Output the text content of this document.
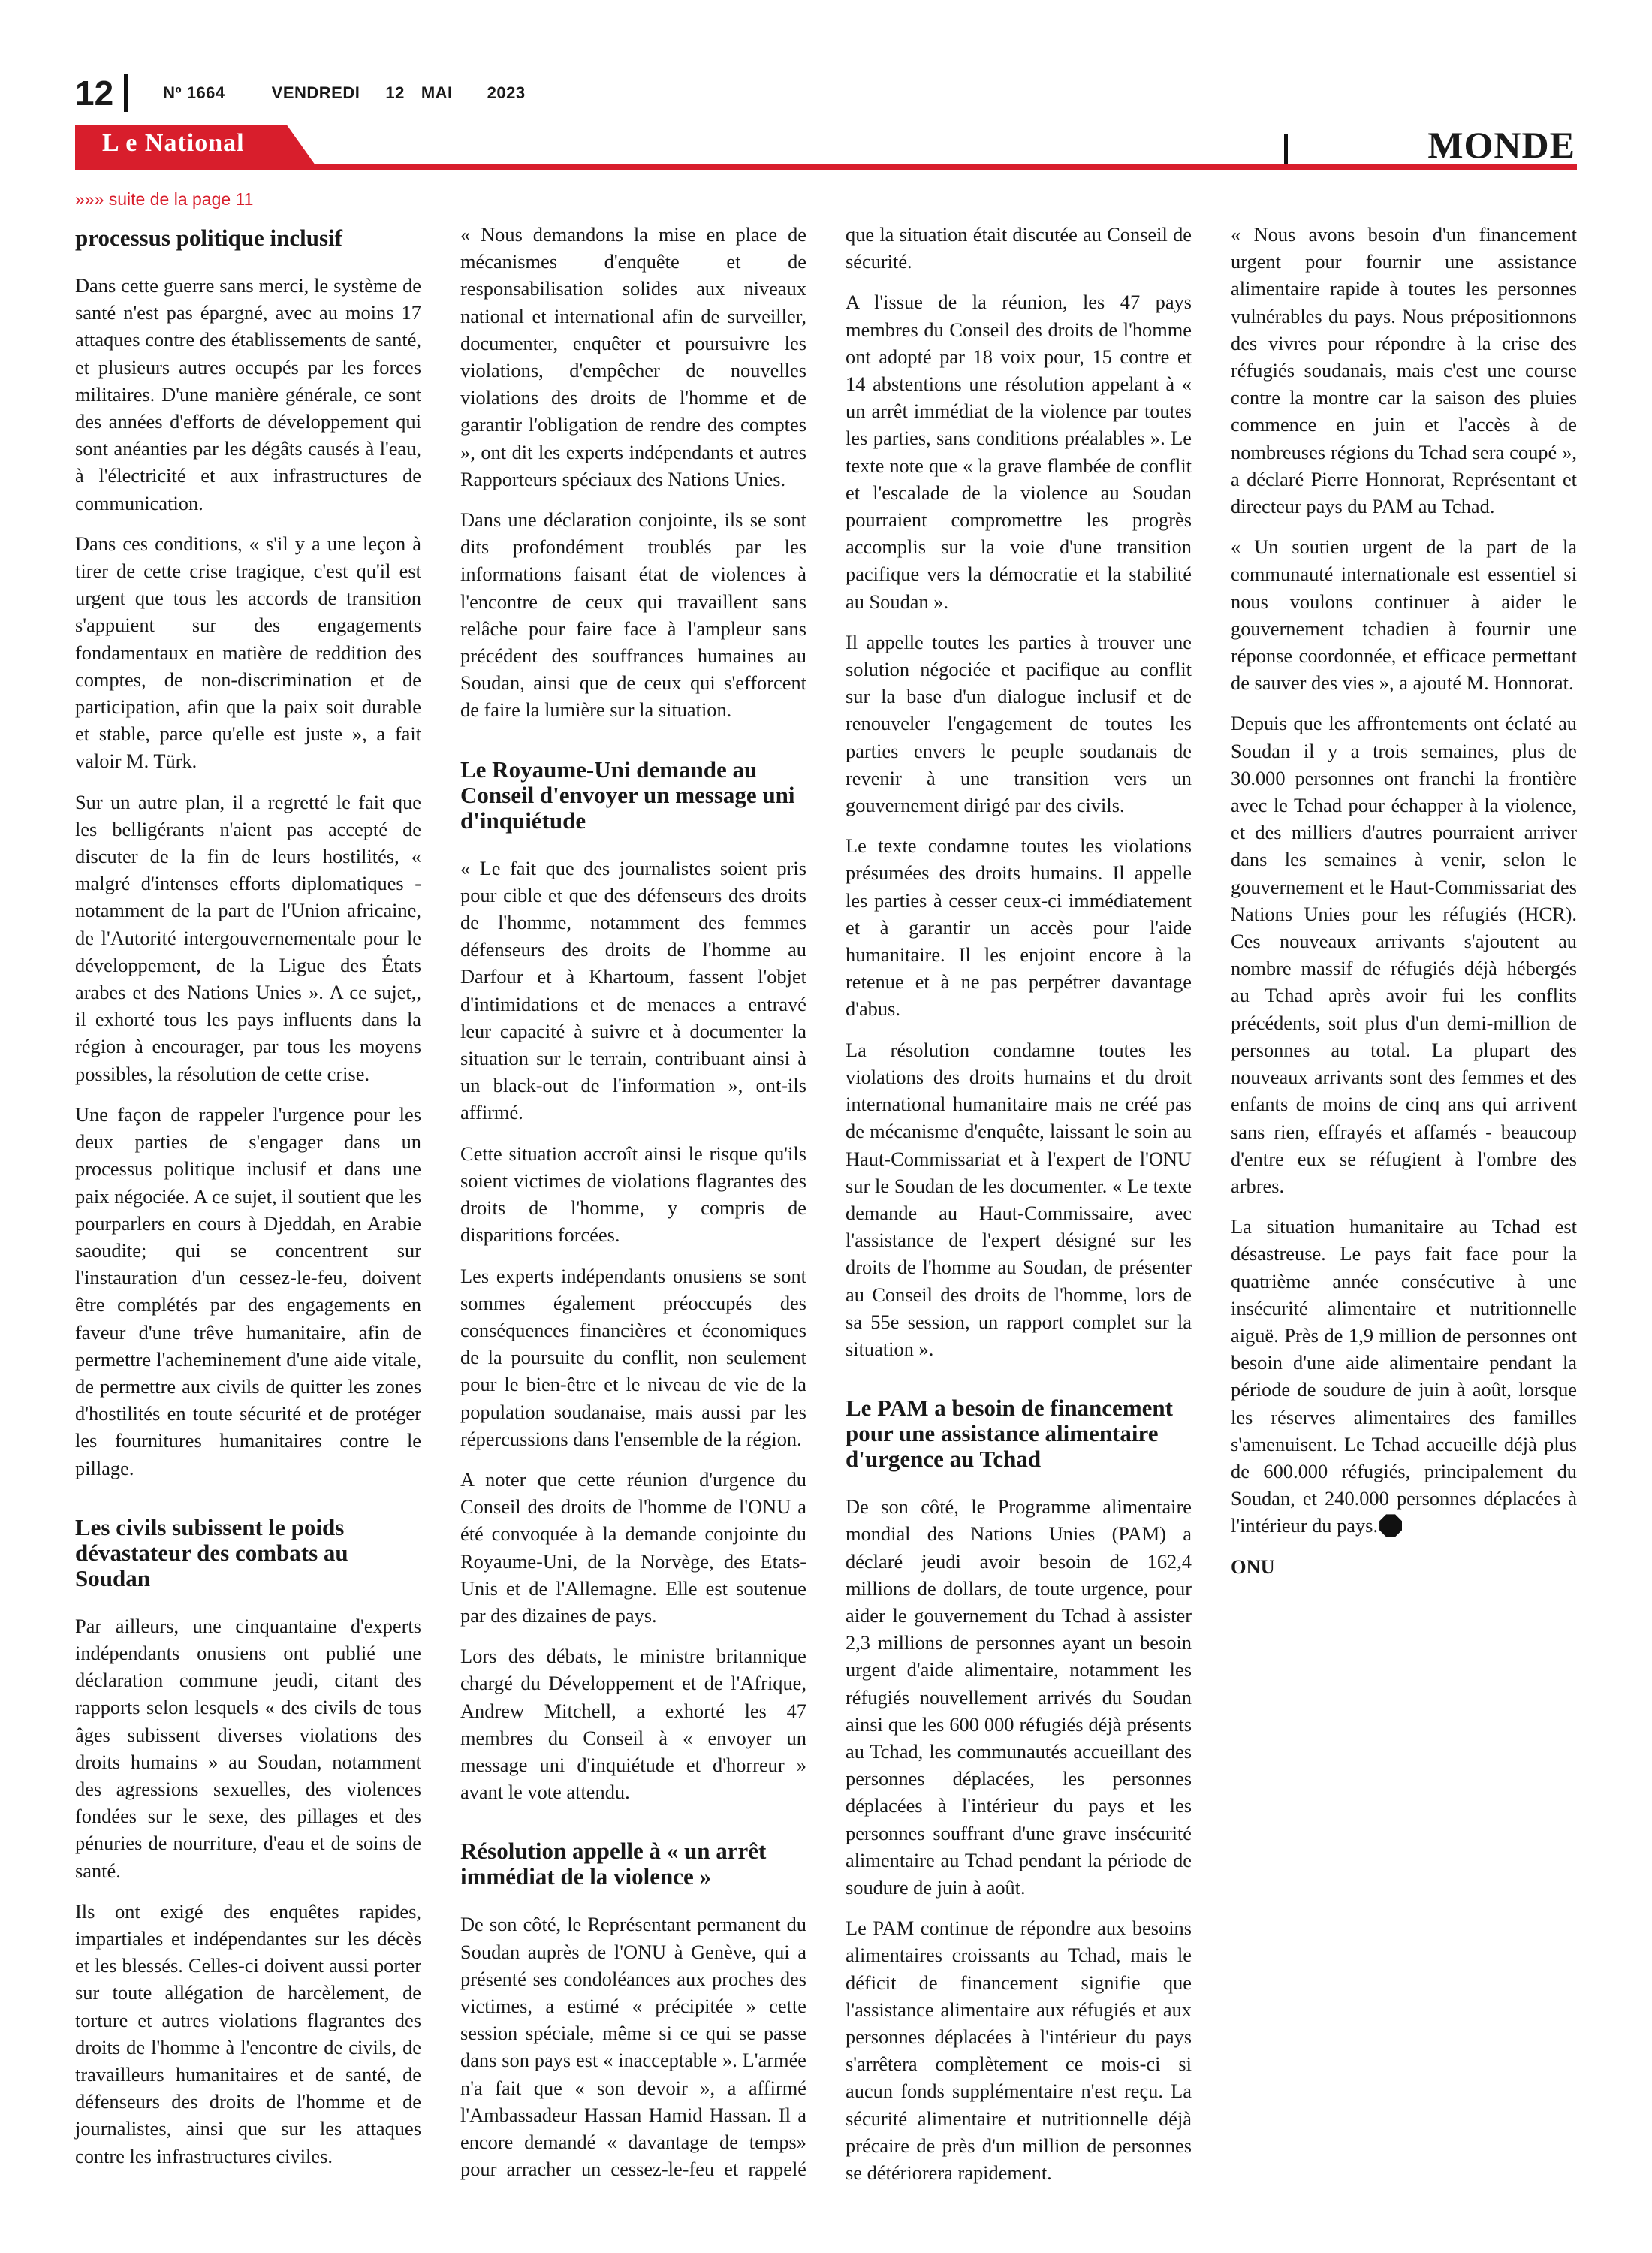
12	Nº 1664	VENDREDI 12 MAI 2023
L e National	MONDE
»»» suite de la page 11
processus politique inclusif

Dans cette guerre sans merci, le système de santé n'est pas épargné, avec au moins 17 attaques contre des établissements de santé, et plusieurs autres occupés par les forces militaires. D'une manière générale, ce sont des années d'efforts de développement qui sont anéanties par les dégâts causés à l'eau, à l'électricité et aux infrastructures de communication.

Dans ces conditions, « s'il y a une leçon à tirer de cette crise tragique, c'est qu'il est urgent que tous les accords de transition s'appuient sur des engagements fondamentaux en matière de reddition des comptes, de non-discrimination et de participation, afin que la paix soit durable et stable, parce qu'elle est juste », a fait valoir M. Türk.

Sur un autre plan, il a regretté le fait que les belligérants n'aient pas accepté de discuter de la fin de leurs hostilités, « malgré d'intenses efforts diplomatiques - notamment de la part de l'Union africaine, de l'Autorité intergouvernementale pour le développement, de la Ligue des États arabes et des Nations Unies ». A ce sujet,, il exhorté tous les pays influents dans la région à encourager, par tous les moyens possibles, la résolution de cette crise.

Une façon de rappeler l'urgence pour les deux parties de s'engager dans un processus politique inclusif et dans une paix négociée. A ce sujet, il soutient que les pourparlers en cours à Djeddah, en Arabie saoudite; qui se concentrent sur l'instauration d'un cessez-le-feu, doivent être complétés par des engagements en faveur d'une trêve humanitaire, afin de permettre l'acheminement d'une aide vitale, de permettre aux civils de quitter les zones d'hostilités en toute sécurité et de protéger les fournitures humanitaires contre le pillage.

Les civils subissent le poids dévastateur des combats au Soudan

Par ailleurs, une cinquantaine d'experts indépendants onusiens ont publié une déclaration commune jeudi, citant des rapports selon lesquels « des civils de tous âges subissent diverses violations des droits humains » au Soudan, notamment des agressions sexuelles, des violences fondées sur le sexe, des pillages et des pénuries de nourriture, d'eau et de soins de santé.

Ils ont exigé des enquêtes rapides, impartiales et indépendantes sur les décès et les blessés. Celles-ci doivent aussi porter sur toute allégation de harcèlement, de torture et autres violations flagrantes des droits de l'homme à l'encontre de civils, de travailleurs humanitaires et de santé, de défenseurs des droits de l'homme et de journalistes, ainsi que sur les attaques contre les infrastructures civiles.

« Nous demandons la mise en place de mécanismes d'enquête et de responsabilisation solides aux niveaux national et international afin de surveiller, documenter, enquêter et poursuivre les violations, d'empêcher de nouvelles violations des droits de l'homme et de garantir l'obligation de rendre des comptes », ont dit les experts indépendants et autres Rapporteurs spéciaux des Nations Unies.

Dans une déclaration conjointe, ils se sont dits profondément troublés par les informations faisant état de violences à l'encontre de ceux qui travaillent sans relâche pour faire face à l'ampleur sans précédent des souffrances humaines au Soudan, ainsi que de ceux qui s'efforcent de faire la lumière sur la situation.

Le Royaume-Uni demande au Conseil d'envoyer un message uni d'inquiétude

« Le fait que des journalistes soient pris pour cible et que des défenseurs des droits de l'homme, notamment des femmes défenseurs des droits de l'homme au Darfour et à Khartoum, fassent l'objet d'intimidations et de menaces a entravé leur capacité à suivre et à documenter la situation sur le terrain, contribuant ainsi à un black-out de l'information », ont-ils affirmé.

Cette situation accroît ainsi le risque qu'ils soient victimes de violations flagrantes des droits de l'homme, y compris de disparitions forcées.

Les experts indépendants onusiens se sont sommes également préoccupés des conséquences financières et économiques de la poursuite du conflit, non seulement pour le bien-être et le niveau de vie de la population soudanaise, mais aussi par les répercussions dans l'ensemble de la région.

A noter que cette réunion d'urgence du Conseil des droits de l'homme de l'ONU a été convoquée à la demande conjointe du Royaume-Uni, de la Norvège, des Etats-Unis et de l'Allemagne. Elle est soutenue par des dizaines de pays.

Lors des débats, le ministre britannique chargé du Développement et de l'Afrique, Andrew Mitchell, a exhorté les 47 membres du Conseil à « envoyer un message uni d'inquiétude et d'horreur » avant le vote attendu.

Résolution appelle à « un arrêt immédiat de la violence »

De son côté, le Représentant permanent du Soudan auprès de l'ONU à Genève, qui a présenté ses condoléances aux proches des victimes, a estimé « précipitée » cette session spéciale, même si ce qui se passe dans son pays est « inacceptable ». L'armée n'a fait que « son devoir », a affirmé l'Ambassadeur Hassan Hamid Hassan. Il a encore demandé « davantage de temps» pour arracher un cessez-le-feu et rappelé que la situation était discutée au Conseil de sécurité.

A l'issue de la réunion, les 47 pays membres du Conseil des droits de l'homme ont adopté par 18 voix pour, 15 contre et 14 abstentions une résolution appelant à « un arrêt immédiat de la violence par toutes les parties, sans conditions préalables ». Le texte note que « la grave flambée de conflit et l'escalade de la violence au Soudan pourraient compromettre les progrès accomplis sur la voie d'une transition pacifique vers la démocratie et la stabilité au Soudan ».

Il appelle toutes les parties à trouver une solution négociée et pacifique au conflit sur la base d'un dialogue inclusif et de renouveler l'engagement de toutes les parties envers le peuple soudanais de revenir à une transition vers un gouvernement dirigé par des civils.

Le texte condamne toutes les violations présumées des droits humains. Il appelle les parties à cesser ceux-ci immédiatement et à garantir un accès pour l'aide humanitaire. Il les enjoint encore à la retenue et à ne pas perpétrer davantage d'abus.

La résolution condamne toutes les violations des droits humains et du droit international humanitaire mais ne créé pas de mécanisme d'enquête, laissant le soin au Haut-Commissariat et à l'expert de l'ONU sur le Soudan de les documenter. « Le texte demande au Haut-Commissaire, avec l'assistance de l'expert désigné sur les droits de l'homme au Soudan, de présenter au Conseil des droits de l'homme, lors de sa 55e session, un rapport complet sur la situation ».

Le PAM a besoin de financement pour une assistance alimentaire d'urgence au Tchad

De son côté, le Programme alimentaire mondial des Nations Unies (PAM) a déclaré jeudi avoir besoin de 162,4 millions de dollars, de toute urgence, pour aider le gouvernement du Tchad à assister 2,3 millions de personnes ayant un besoin urgent d'aide alimentaire, notamment les réfugiés nouvellement arrivés du Soudan ainsi que les 600 000 réfugiés déjà présents au Tchad, les communautés accueillant des personnes déplacées, les personnes déplacées à l'intérieur du pays et les personnes souffrant d'une grave insécurité alimentaire au Tchad pendant la période de soudure de juin à août.

Le PAM continue de répondre aux besoins alimentaires croissants au Tchad, mais le déficit de financement signifie que l'assistance alimentaire aux réfugiés et aux personnes déplacées à l'intérieur du pays s'arrêtera complètement ce mois-ci si aucun fonds supplémentaire n'est reçu. La sécurité alimentaire et nutritionnelle déjà précaire de près d'un million de personnes se détériorera rapidement.

« Nous avons besoin d'un financement urgent pour fournir une assistance alimentaire rapide à toutes les personnes vulnérables du pays. Nous prépositionnons des vivres pour répondre à la crise des réfugiés soudanais, mais c'est une course contre la montre car la saison des pluies commence en juin et l'accès à de nombreuses régions du Tchad sera coupé », a déclaré Pierre Honnorat, Représentant et directeur pays du PAM au Tchad.

« Un soutien urgent de la part de la communauté internationale est essentiel si nous voulons continuer à aider le gouvernement tchadien à fournir une réponse coordonnée, et efficace permettant de sauver des vies », a ajouté M. Honnorat.

Depuis que les affrontements ont éclaté au Soudan il y a trois semaines, plus de 30.000 personnes ont franchi la frontière avec le Tchad pour échapper à la violence, et des milliers d'autres pourraient arriver dans les semaines à venir, selon le gouvernement et le Haut-Commissariat des Nations Unies pour les réfugiés (HCR). Ces nouveaux arrivants s'ajoutent au nombre massif de réfugiés déjà hébergés au Tchad après avoir fui les conflits précédents, soit plus d'un demi-million de personnes au total. La plupart des nouveaux arrivants sont des femmes et des enfants de moins de cinq ans qui arrivent sans rien, effrayés et affamés - beaucoup d'entre eux se réfugient à l'ombre des arbres.

La situation humanitaire au Tchad est désastreuse. Le pays fait face pour la quatrième année consécutive à une insécurité alimentaire et nutritionnelle aiguë. Près de 1,9 million de personnes ont besoin d'une aide alimentaire pendant la période de soudure de juin à août, lorsque les réserves alimentaires des familles s'amenuisent. Le Tchad accueille déjà plus de 600.000 réfugiés, principalement du Soudan, et 240.000 personnes déplacées à l'intérieur du pays.

ONU
